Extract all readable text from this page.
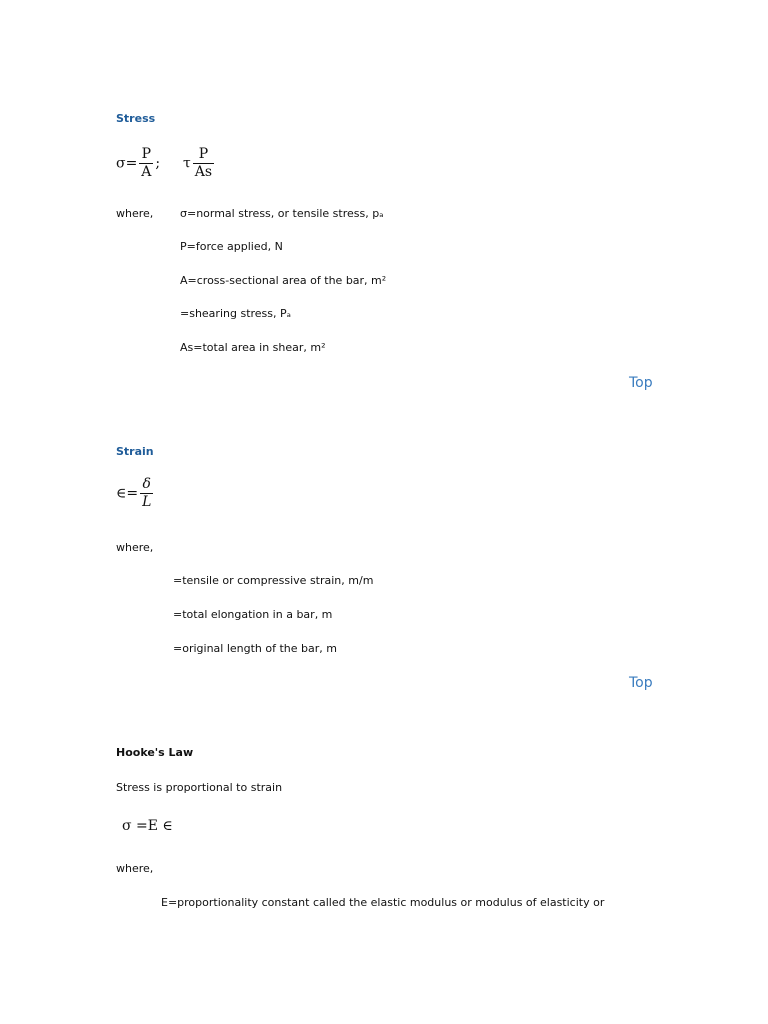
Stress
$\sigma= \frac{P}{A}$ ; τ $\frac{P}{As}$
where, σ=normal stress, or tensile stress, pₐ
P=force applied, N
A=cross-sectional area of the bar, m²
=shearing stress, Pₐ
As=total area in shear, m²
Top
Strain
∈= $\frac{\delta}{L}$
where,
=tensile or compressive strain, m/m
=total elongation in a bar, m
=original length of the bar, m
Top
Hooke's Law
Stress is proportional to strain
σ =E ∈
where,
E=proportionality constant called the elastic modulus or modulus of elasticity or
